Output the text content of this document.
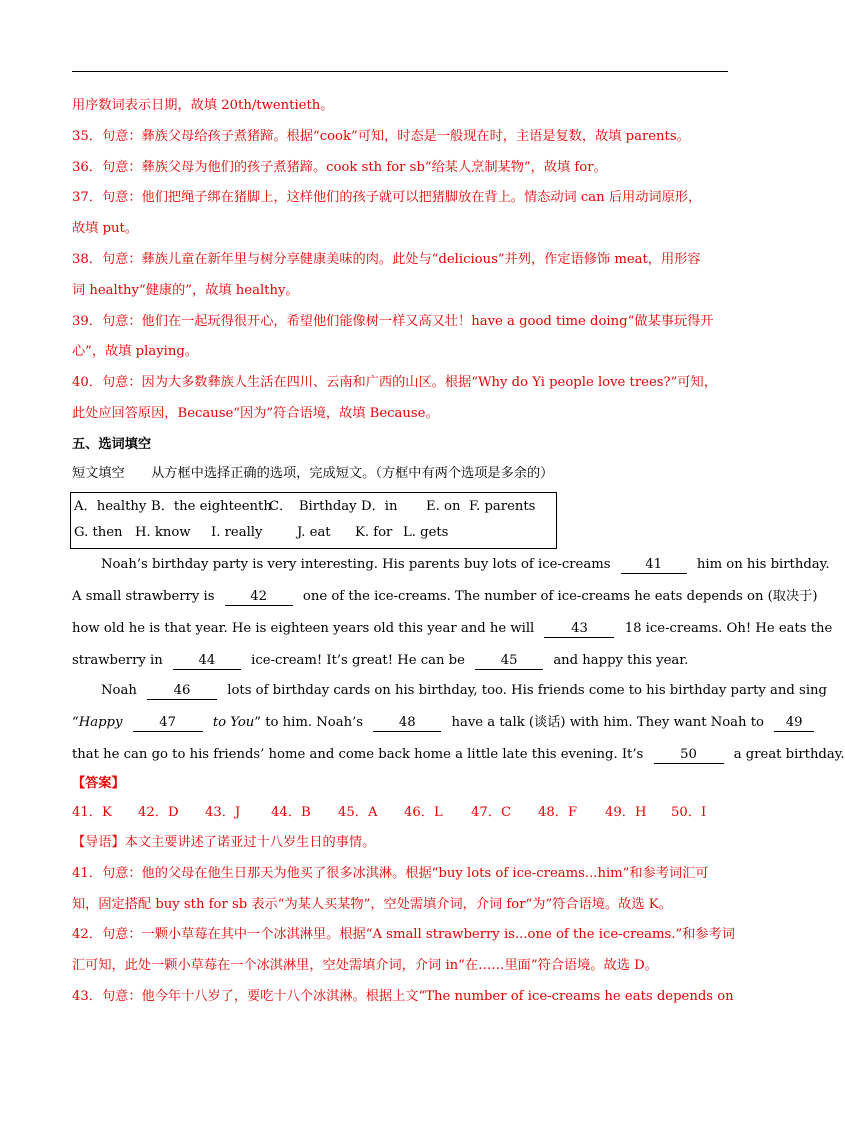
用序数词表示日期，故填 20th/twentieth。
35．句意：彝族父母给孩子煮猪蹄。根据“cook”可知，时态是一般现在时，主语是复数，故填 parents。
36．句意：彝族父母为他们的孩子煮猪蹄。cook sth for sb“给某人烹制某物”，故填 for。
37．句意：他们把绳子绑在猪脚上，这样他们的孩子就可以把猪脚放在背上。情态动词 can 后用动词原形，
故填 put。
38．句意：彝族儿童在新年里与树分享健康美味的肉。此处与“delicious”并列，作定语修饰 meat，用形容
词 healthy“健康的”，故填 healthy。
39．句意：他们在一起玩得很开心，希望他们能像树一样又高又壮！have a good time doing“做某事玩得开
心”，故填 playing。
40．句意：因为大多数彝族人生活在四川、云南和广西的山区。根据“Why do Yi people love trees?”可知，
此处应回答原因，Because“因为”符合语境，故填 Because。
五、选词填空
短文填空　　从方框中选择正确的选项，完成短文。（方框中有两个选项是多余的）
A．healthy B．the eighteenth
C．　Birthday D．in E. on F. parents
G. then H. know I. really	J. eat K. for L. gets
Noah’s birthday party is very interesting. His parents buy lots of ice-creams	41	him on his birthday.
A small strawberry is	42	one of the ice-creams. The number of ice-creams he eats depends on (取决于)
how old he is that year. He is eighteen years old this year and he will	43	18 ice-creams. Oh! He eats the
strawberry in	44	ice-cream! It’s great! He can be	45	and happy this year.
Noah	46	lots of birthday cards on his birthday, too. His friends come to his birthday party and sing
“Happy	47	to You” to him. Noah’s	48	have a talk (谈话) with him. They want Noah to 49
that he can go to his friends’ home and come back home a little late this evening. It’s	50	a great birthday.
【答案】
41．K 42．D 43．J 44．B 45．A 46．L 47．C 48．F 49．H 50．I
【导语】本文主要讲述了诺亚过十八岁生日的事情。
41．句意：他的父母在他生日那天为他买了很多冰淇淋。根据“buy lots of ice-creams...him”和参考词汇可
知，固定搭配 buy sth for sb 表示“为某人买某物”，空处需填介词，介词 for“为”符合语境。故选 K。
42．句意：一颗小草莓在其中一个冰淇淋里。根据“A small strawberry is...one of the ice-creams.”和参考词
汇可知，此处一颗小草莓在一个冰淇淋里，空处需填介词，介词 in“在……里面”符合语境。故选 D。
43．句意：他今年十八岁了，要吃十八个冰淇淋。根据上文“The number of ice-creams he eats depends on
